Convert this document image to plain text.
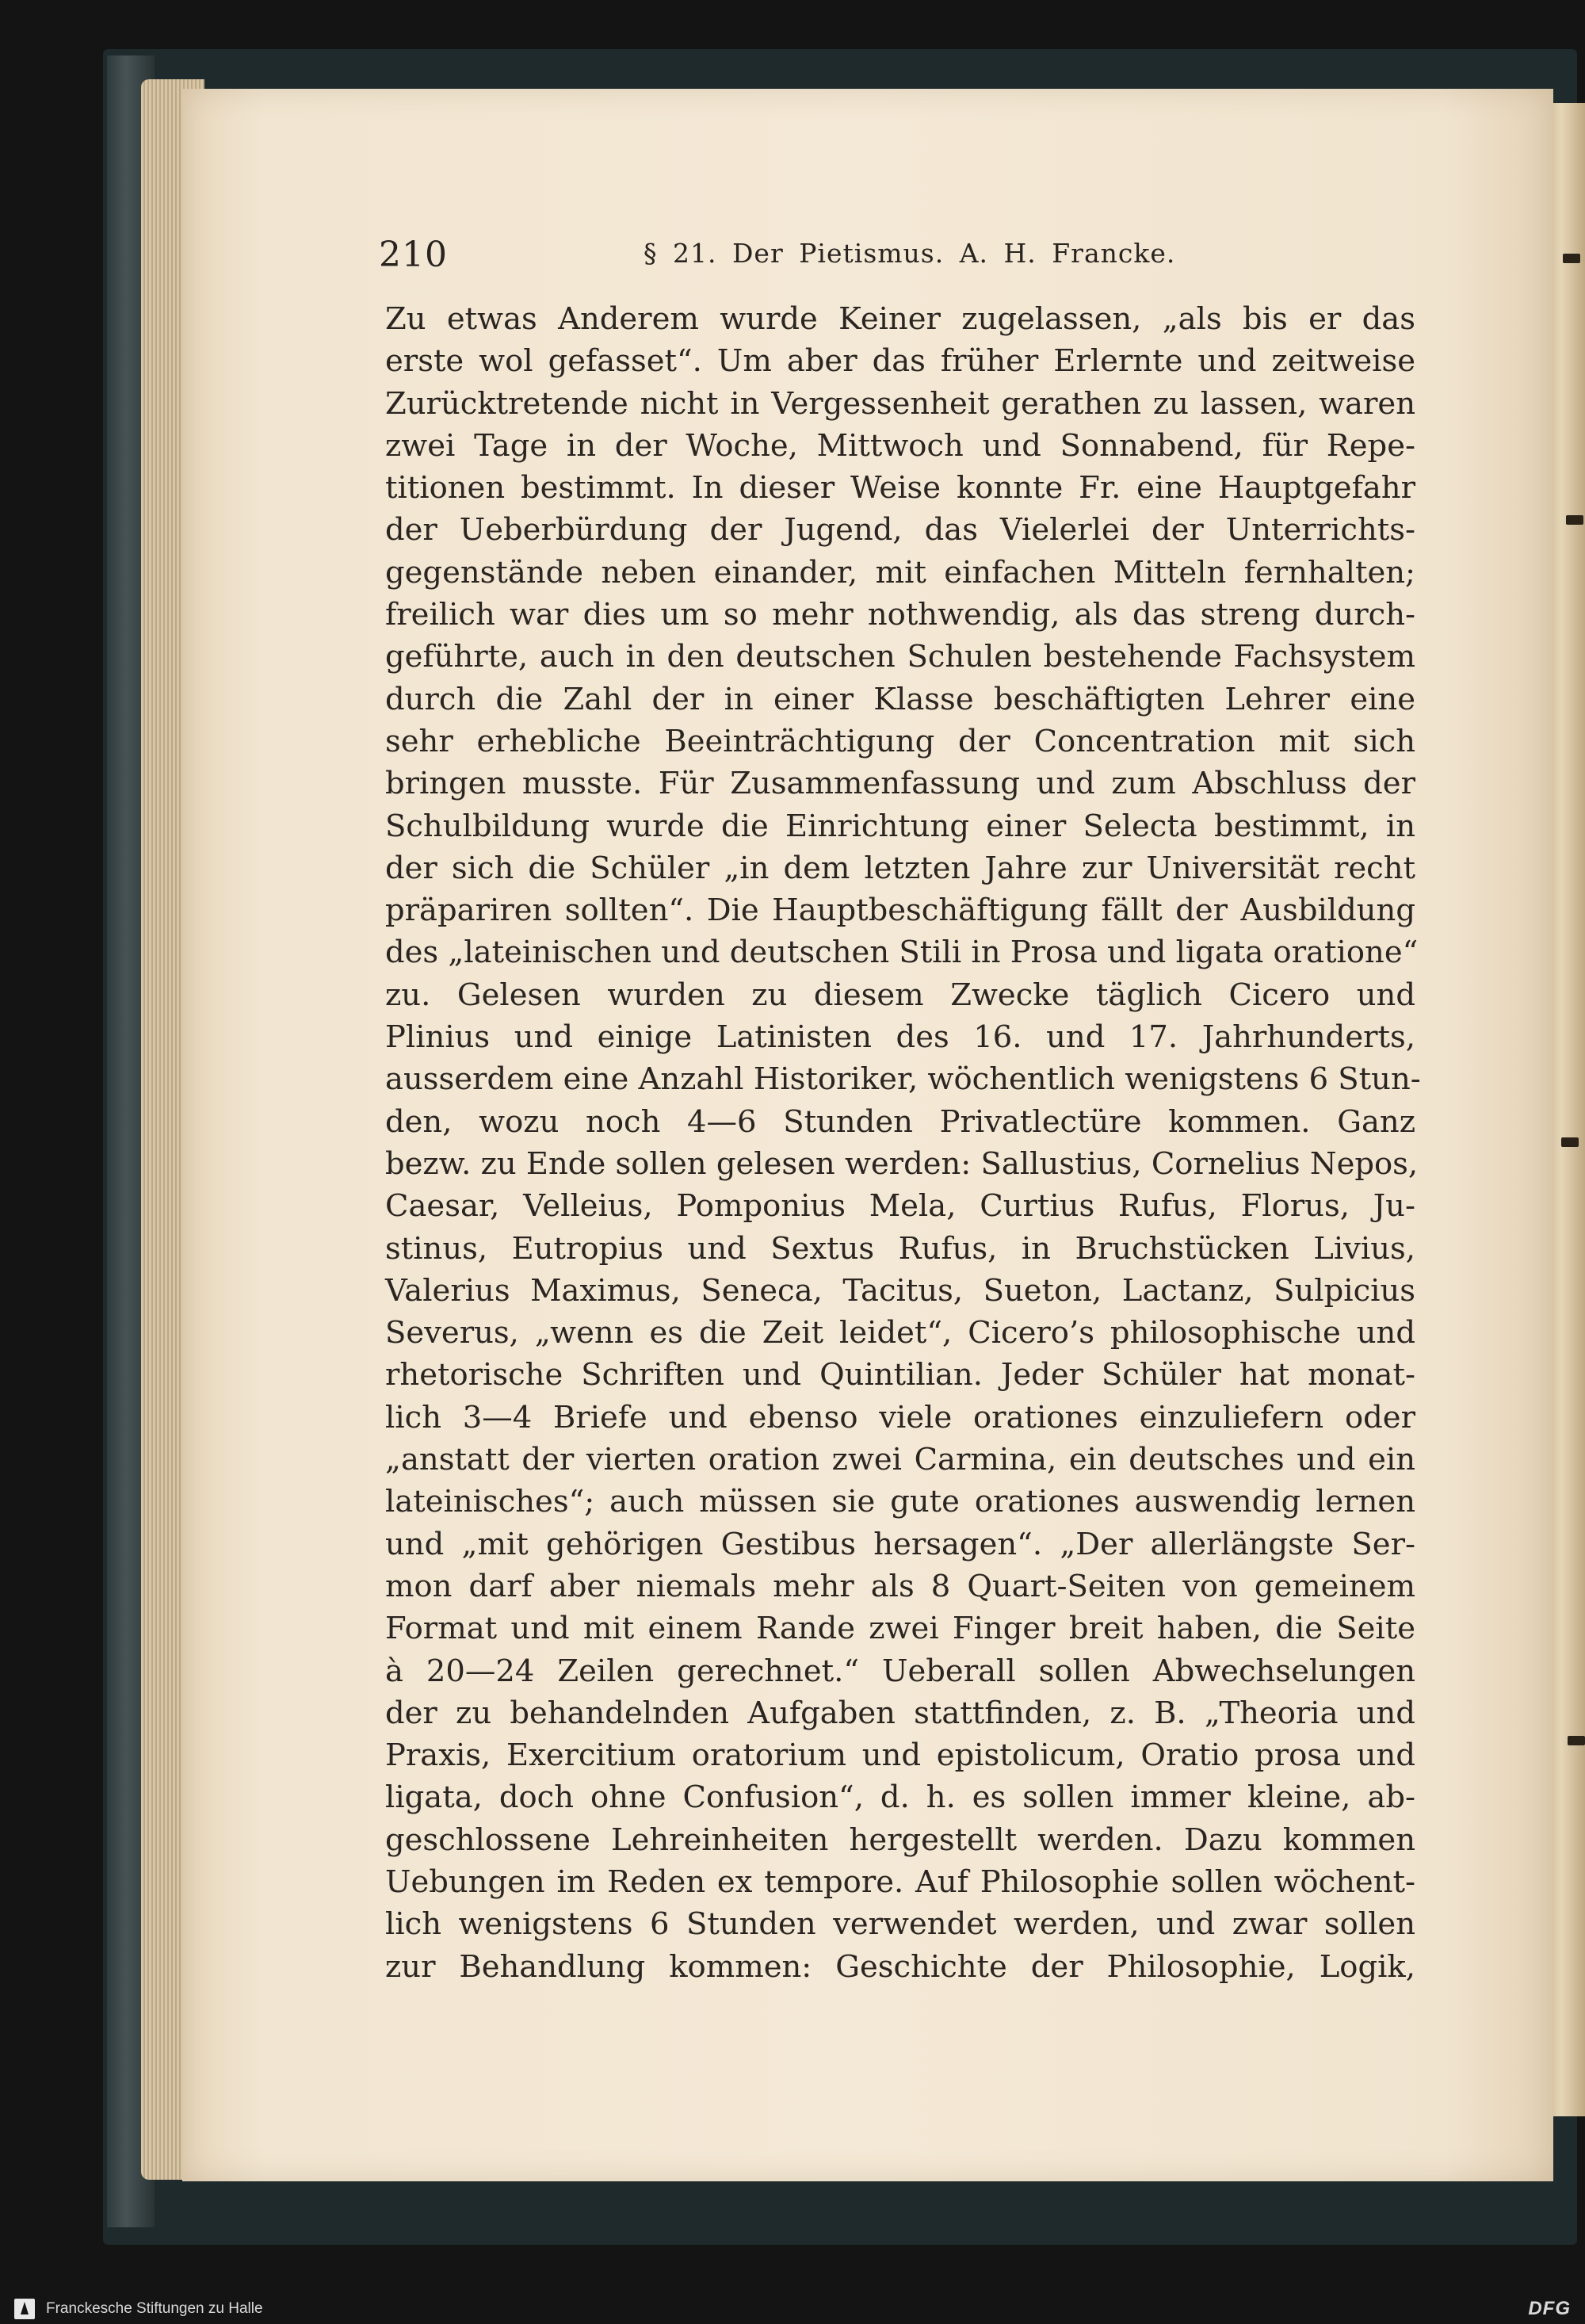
210	§ 21. Der Pietismus. A. H. Francke.
Zu etwas Anderem wurde Keiner zugelassen, „als bis er das
erste wol gefasset“. Um aber das früher Erlernte und zeitweise
Zurücktretende nicht in Vergessenheit gerathen zu lassen, waren
zwei Tage in der Woche, Mittwoch und Sonnabend, für Repe-
titionen bestimmt. In dieser Weise konnte Fr. eine Hauptgefahr
der Ueberbürdung der Jugend, das Vielerlei der Unterrichts-
gegenstände neben einander, mit einfachen Mitteln fernhalten;
freilich war dies um so mehr nothwendig, als das streng durch-
geführte, auch in den deutschen Schulen bestehende Fachsystem
durch die Zahl der in einer Klasse beschäftigten Lehrer eine
sehr erhebliche Beeinträchtigung der Concentration mit sich
bringen musste. Für Zusammenfassung und zum Abschluss der
Schulbildung wurde die Einrichtung einer Selecta bestimmt, in
der sich die Schüler „in dem letzten Jahre zur Universität recht
präpariren sollten“. Die Hauptbeschäftigung fällt der Ausbildung
des „lateinischen und deutschen Stili in Prosa und ligata oratione“
zu. Gelesen wurden zu diesem Zwecke täglich Cicero und
Plinius und einige Latinisten des 16. und 17. Jahrhunderts,
ausserdem eine Anzahl Historiker, wöchentlich wenigstens 6 Stun-
den, wozu noch 4—6 Stunden Privatlectüre kommen. Ganz
bezw. zu Ende sollen gelesen werden: Sallustius, Cornelius Nepos,
Caesar, Velleius, Pomponius Mela, Curtius Rufus, Florus, Ju-
stinus, Eutropius und Sextus Rufus, in Bruchstücken Livius,
Valerius Maximus, Seneca, Tacitus, Sueton, Lactanz, Sulpicius
Severus, „wenn es die Zeit leidet“, Cicero’s philosophische und
rhetorische Schriften und Quintilian. Jeder Schüler hat monat-
lich 3—4 Briefe und ebenso viele orationes einzuliefern oder
„anstatt der vierten oration zwei Carmina, ein deutsches und ein
lateinisches“; auch müssen sie gute orationes auswendig lernen
und „mit gehörigen Gestibus hersagen“. „Der allerlängste Ser-
mon darf aber niemals mehr als 8 Quart-Seiten von gemeinem
Format und mit einem Rande zwei Finger breit haben, die Seite
à 20—24 Zeilen gerechnet.“ Ueberall sollen Abwechselungen
der zu behandelnden Aufgaben stattfinden, z. B. „Theoria und
Praxis, Exercitium oratorium und epistolicum, Oratio prosa und
ligata, doch ohne Confusion“, d. h. es sollen immer kleine, ab-
geschlossene Lehreinheiten hergestellt werden. Dazu kommen
Uebungen im Reden ex tempore. Auf Philosophie sollen wöchent-
lich wenigstens 6 Stunden verwendet werden, und zwar sollen
zur Behandlung kommen: Geschichte der Philosophie, Logik,
Franckesche Stiftungen zu Halle	DFG
